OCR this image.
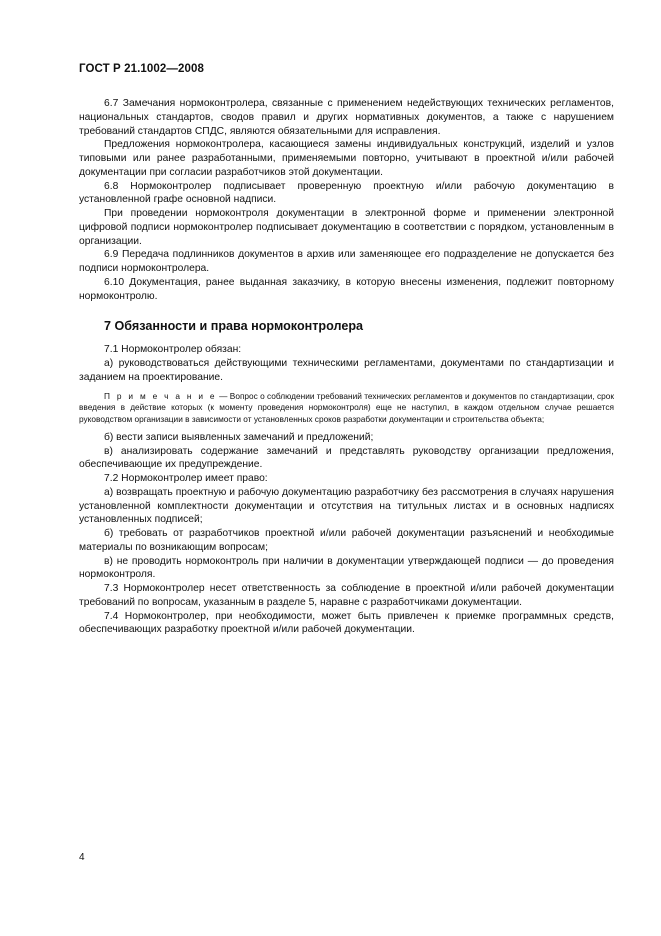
ГОСТ Р 21.1002—2008

6.7 Замечания нормоконтролера, связанные с применением недействующих технических регламентов, национальных стандартов, сводов правил и других нормативных документов, а также с нарушением требований стандартов СПДС, являются обязательными для исправления.

Предложения нормоконтролера, касающиеся замены индивидуальных конструкций, изделий и узлов типовыми или ранее разработанными, применяемыми повторно, учитывают в проектной и/или рабочей документации при согласии разработчиков этой документации.

6.8 Нормоконтролер подписывает проверенную проектную и/или рабочую документацию в установленной графе основной надписи.

При проведении нормоконтроля документации в электронной форме и применении электронной цифровой подписи нормоконтролер подписывает документацию в соответствии с порядком, установленным в организации.

6.9 Передача подлинников документов в архив или заменяющее его подразделение не допускается без подписи нормоконтролера.

6.10 Документация, ранее выданная заказчику, в которую внесены изменения, подлежит повторному нормоконтролю.

7 Обязанности и права нормоконтролера

7.1 Нормоконтролер обязан:

а) руководствоваться действующими техническими регламентами, документами по стандартизации и заданием на проектирование.

П р и м е ч а н и е — Вопрос о соблюдении требований технических регламентов и документов по стандартизации, срок введения в действие которых (к моменту проведения нормоконтроля) еще не наступил, в каждом отдельном случае решается руководством организации в зависимости от установленных сроков разработки документации и строительства объекта;

б) вести записи выявленных замечаний и предложений;

в) анализировать содержание замечаний и представлять руководству организации предложения, обеспечивающие их предупреждение.

7.2 Нормоконтролер имеет право:

а) возвращать проектную и рабочую документацию разработчику без рассмотрения в случаях нарушения установленной комплектности документации и отсутствия на титульных листах и в основных надписях установленных подписей;

б) требовать от разработчиков проектной и/или рабочей документации разъяснений и необходимые материалы по возникающим вопросам;

в) не проводить нормоконтроль при наличии в документации утверждающей подписи — до проведения нормоконтроля.

7.3 Нормоконтролер несет ответственность за соблюдение в проектной и/или рабочей документации требований по вопросам, указанным в разделе 5, наравне с разработчиками документации.

7.4 Нормоконтролер, при необходимости, может быть привлечен к приемке программных средств, обеспечивающих разработку проектной и/или рабочей документации.

4
